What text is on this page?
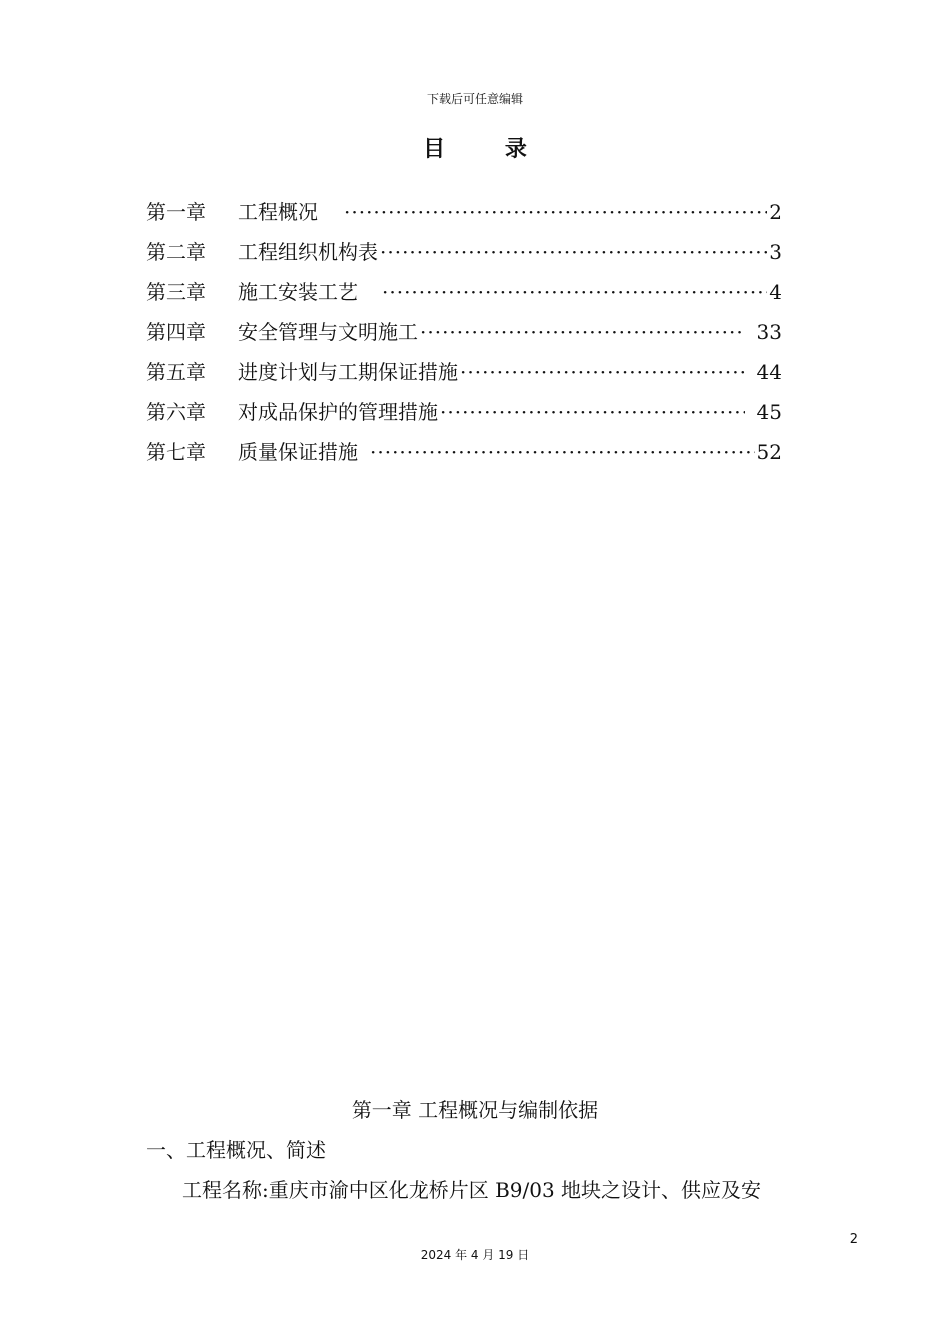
下载后可任意编辑
目 录
第一章	工程概况 ·····	2
第二章	工程组织机构表 ·····	3
第三章	施工安装工艺 ·····	4
第四章	安全管理与文明施工 ·····	33
第五章	进度计划与工期保证措施 ·····	44
第六章	对成品保护的管理措施 ·····	45
第七章	质量保证措施 ·····	52
第一章 工程概况与编制依据
一、工程概况、简述
工程名称:重庆市渝中区化龙桥片区 B9/03 地块之设计、供应及安
2
2024 年 4 月 19 日
